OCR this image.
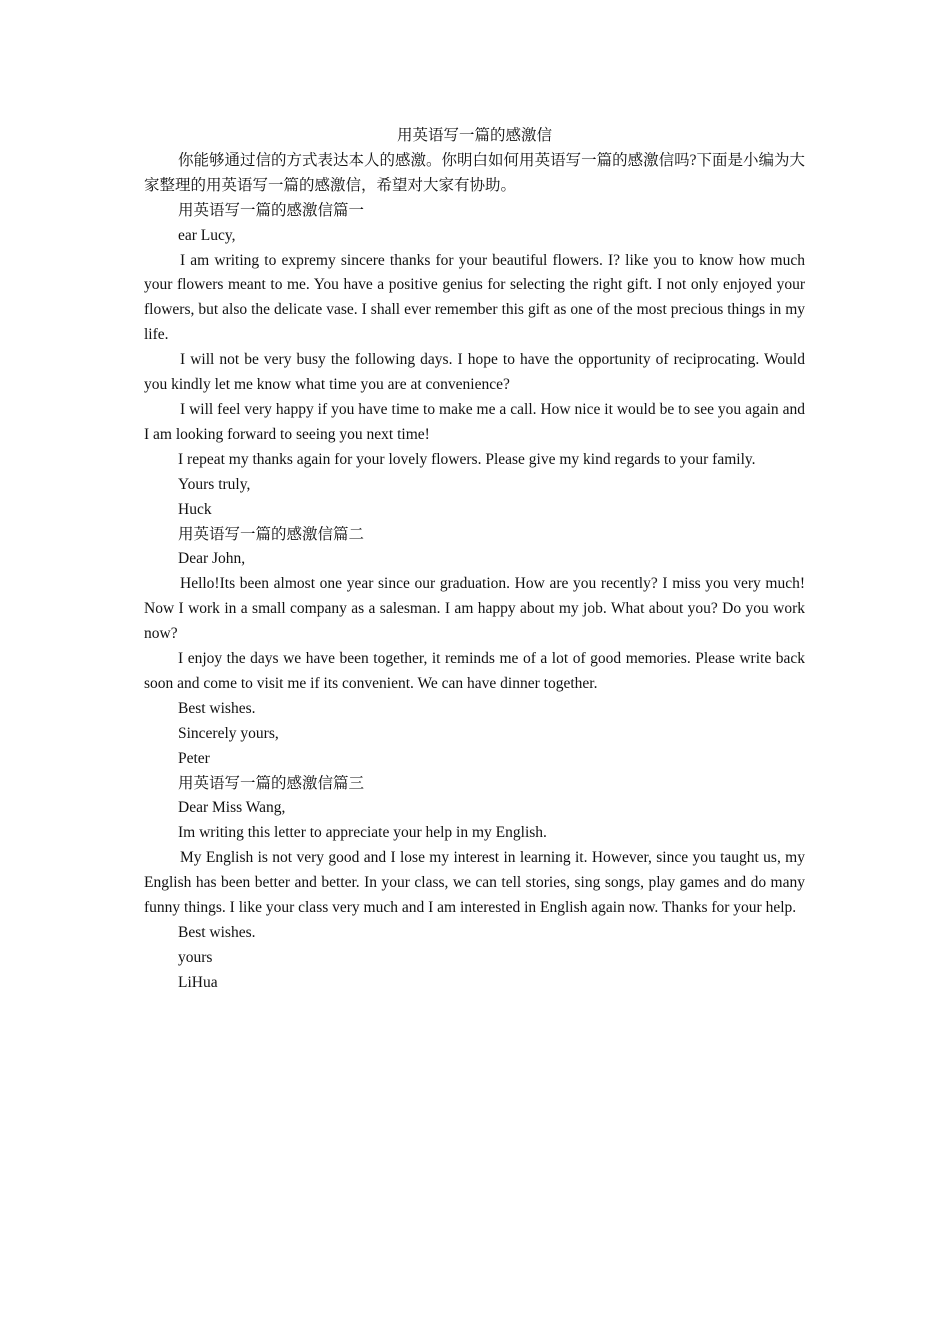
用英语写一篇的感激信

你能够通过信的方式表达本人的感激。你明白如何用英语写一篇的感激信吗?下面是小编为大家整理的用英语写一篇的感激信，希望对大家有协助。

用英语写一篇的感激信篇一

ear Lucy,

I am writing to expremy sincere thanks for your beautiful flowers. I? like you to know how much your flowers meant to me. You have a positive genius for selecting the right gift. I not only enjoyed your flowers, but also the delicate vase. I shall ever remember this gift as one of the most precious things in my life.

I will not be very busy the following days. I hope to have the opportunity of reciprocating. Would you kindly let me know what time you are at convenience?

I will feel very happy if you have time to make me a call. How nice it would be to see you again and I am looking forward to seeing you next time!

I repeat my thanks again for your lovely flowers. Please give my kind regards to your family.

Yours truly,

Huck

用英语写一篇的感激信篇二

Dear John,

Hello!Its been almost one year since our graduation. How are you recently? I miss you very much! Now I work in a small company as a salesman. I am happy about my job. What about you? Do you work now?

I enjoy the days we have been together, it reminds me of a lot of good memories. Please write back soon and come to visit me if its convenient. We can have dinner together.

Best wishes.

Sincerely yours,

Peter

用英语写一篇的感激信篇三

Dear Miss Wang,

Im writing this letter to appreciate your help in my English.

My English is not very good and I lose my interest in learning it. However, since you taught us, my English has been better and better. In your class, we can tell stories, sing songs, play games and do many funny things. I like your class very much and I am interested in English again now. Thanks for your help.

Best wishes.

yours

LiHua
